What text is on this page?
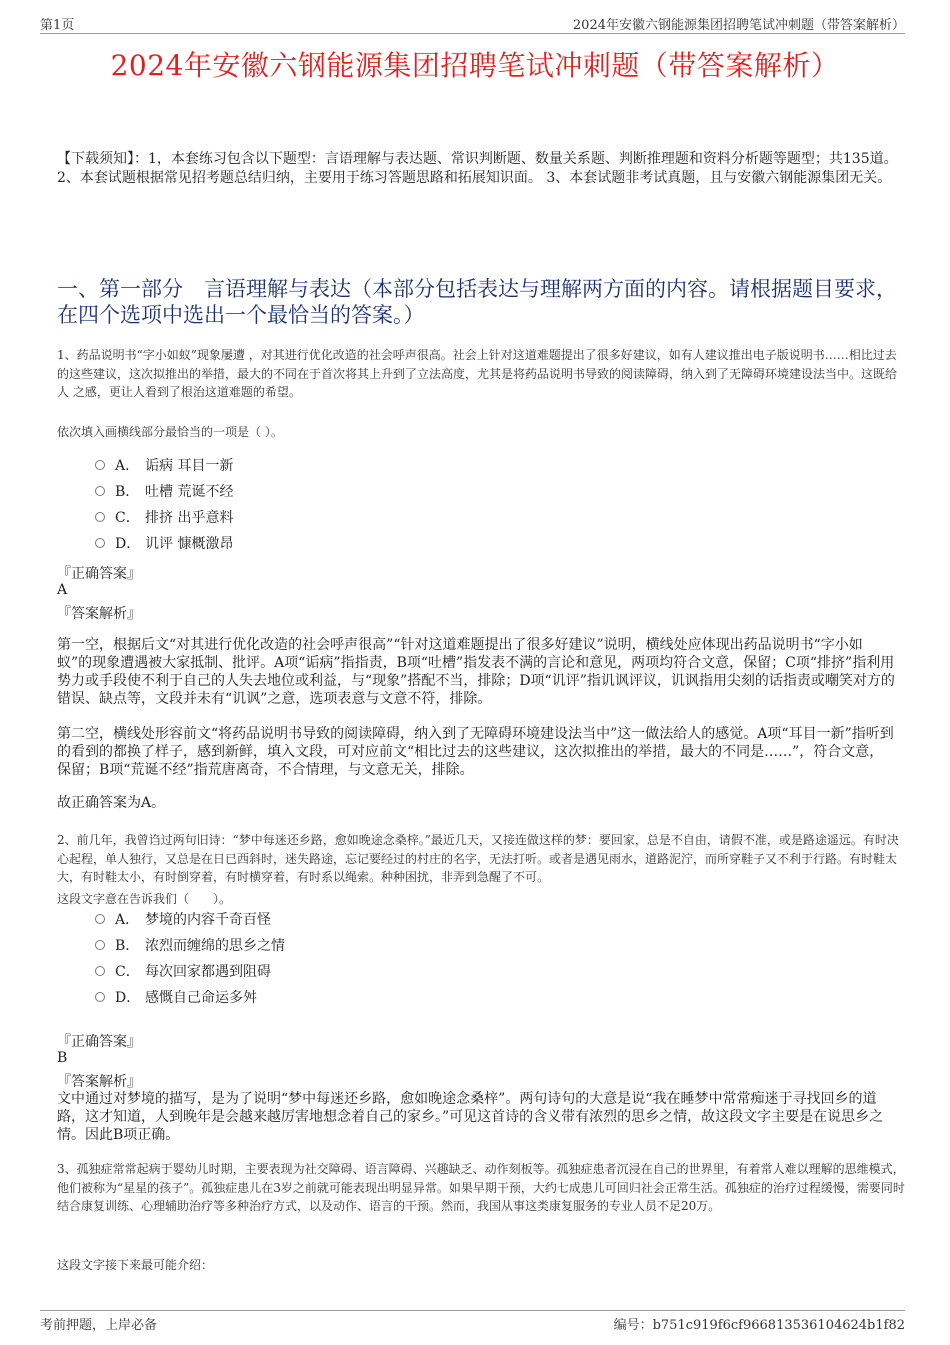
第1页	2024年安徽六钢能源集团招聘笔试冲刺题（带答案解析）
2024年安徽六钢能源集团招聘笔试冲刺题（带答案解析）
【下载须知】：1，本套练习包含以下题型：言语理解与表达题、常识判断题、数量关系题、判断推理题和资料分析题等题型；共135道。 2、本套试题根据常见招考题总结归纳，主要用于练习答题思路和拓展知识面。 3、本套试题非考试真题，且与安徽六钢能源集团无关。
一、第一部分　言语理解与表达（本部分包括表达与理解两方面的内容。请根据题目要求，在四个选项中选出一个最恰当的答案。）
1、药品说明书“字小如蚁”现象屡遭 ，对其进行优化改造的社会呼声很高。社会上针对这道难题提出了很多好建议，如有人建议推出电子版说明书……相比过去的这些建议，这次拟推出的举措，最大的不同在于首次将其上升到了立法高度，尤其是将药品说明书导致的阅读障碍，纳入到了无障碍环境建设法当中。这既给人 之感，更让人看到了根治这道难题的希望。
依次填入画横线部分最恰当的一项是（ ）。
A． 诟病 耳目一新
B． 吐槽 荒诞不经
C． 排挤 出乎意料
D． 讥评 慷概激昂
『正确答案』
A
『答案解析』
第一空，根据后文“对其进行优化改造的社会呼声很高”“针对这道难题提出了很多好建议”说明，横线处应体现出药品说明书“字小如蚁”的现象遭遇被大家抵制、批评。A项“诟病”指指责，B项“吐槽”指发表不满的言论和意见，两项均符合文意，保留；C项“排挤”指利用势力或手段使不利于自己的人失去地位或利益，与“现象”搭配不当，排除；D项“讥评”指讥讽评议，讥讽指用尖刻的话指责或嘲笑对方的错误、缺点等，文段并未有“讥讽”之意，选项表意与文意不符，排除。
第二空，横线处形容前文“将药品说明书导致的阅读障碍，纳入到了无障碍环境建设法当中”这一做法给人的感觉。A项“耳目一新”指听到的看到的都换了样子，感到新鲜，填入文段，可对应前文“相比过去的这些建议，这次拟推出的举措，最大的不同是……”，符合文意，保留；B项“荒诞不经”指荒唐离奇，不合情理，与文意无关，排除。
故正确答案为A。
2、前几年，我曾诌过两句旧诗：“梦中每迷还乡路，愈如晚途念桑梓。”最近几天，又接连做这样的梦：要回家，总是不自由，请假不准，或是路途遥远。有时决心起程，单人独行，又总是在日已西斜时，迷失路途，忘记要经过的村庄的名字，无法打听。或者是遇见雨水，道路泥泞，而所穿鞋子又不利于行路。有时鞋太大，有时鞋太小，有时倒穿着，有时横穿着，有时系以绳索。种种困扰，非弄到急醒了不可。
这段文字意在告诉我们（　　）。
A． 梦境的内容千奇百怪
B． 浓烈而缠绵的思乡之情
C． 每次回家都遇到阻碍
D． 感慨自己命运多舛
『正确答案』
B
『答案解析』
文中通过对梦境的描写，是为了说明“梦中每迷还乡路，愈如晚途念桑梓”。两句诗句的大意是说“我在睡梦中常常痴迷于寻找回乡的道路，这才知道，人到晚年是会越来越厉害地想念着自己的家乡。”可见这首诗的含义带有浓烈的思乡之情，故这段文字主要是在说思乡之情。因此B项正确。
3、孤独症常常起病于婴幼儿时期，主要表现为社交障碍、语言障碍、兴趣缺乏、动作刻板等。孤独症患者沉浸在自己的世界里，有着常人难以理解的思维模式，他们被称为“星星的孩子”。孤独症患儿在3岁之前就可能表现出明显异常。如果早期干预，大约七成患儿可回归社会正常生活。孤独症的治疗过程缓慢，需要同时结合康复训练、心理辅助治疗等多种治疗方式，以及动作、语言的干预。然而，我国从事这类康复服务的专业人员不足20万。
这段文字接下来最可能介绍：
考前押题，上岸必备	编号：b751c919f6cf966813536104624b1f82
